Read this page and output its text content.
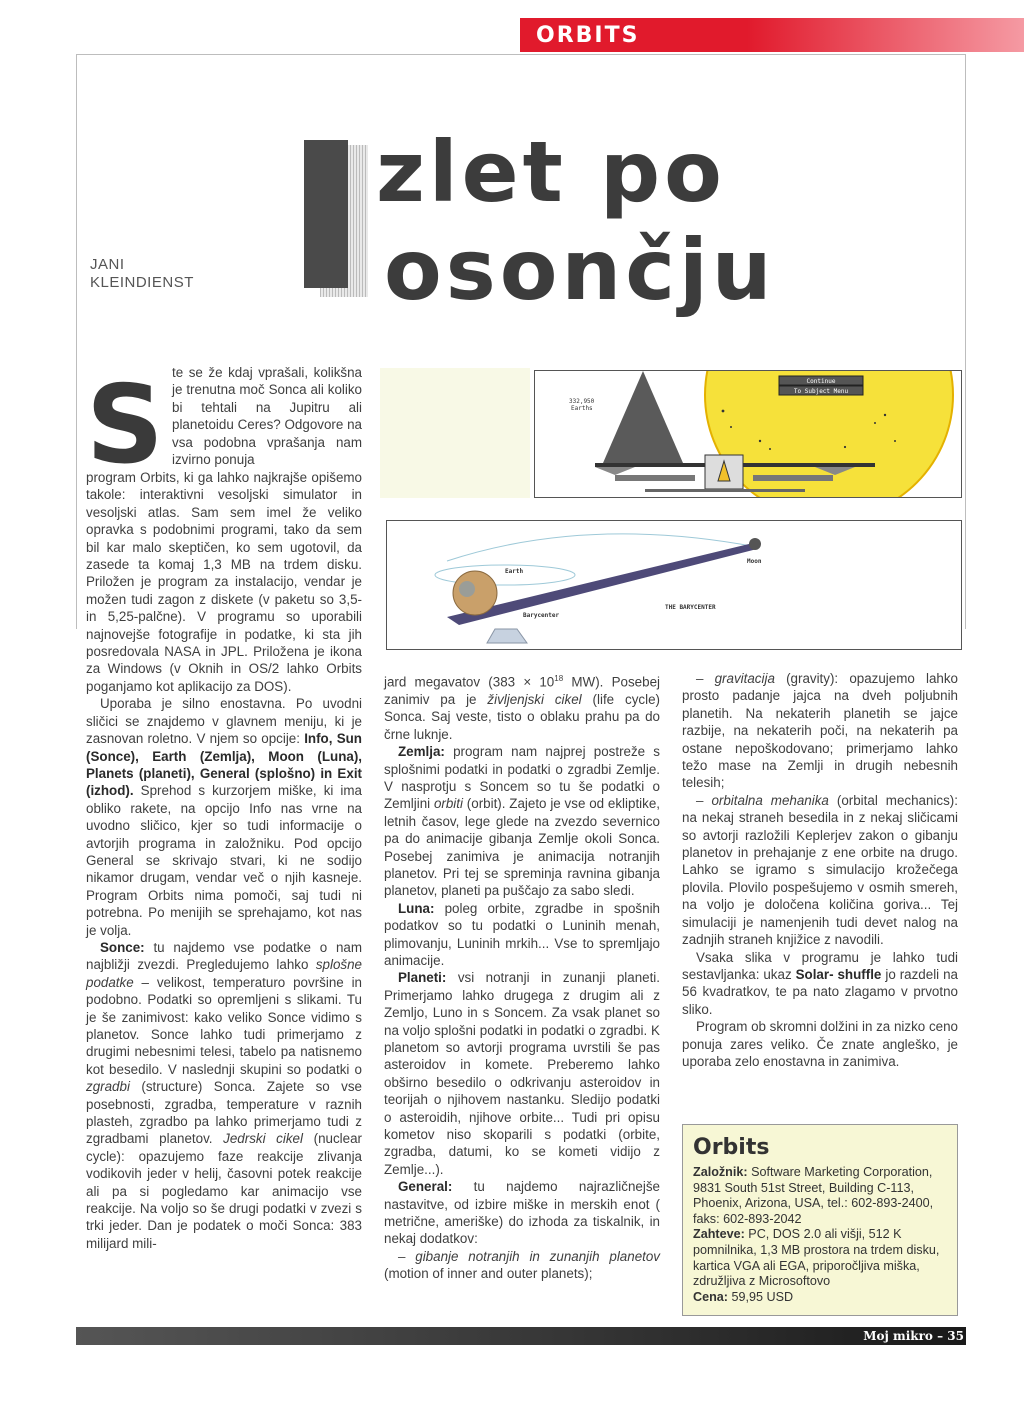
ORBITS
JANI
KLEINDIENST
zlet po
osončju
332,950
Earths
Continue
To Subject Menu
Earth
Moon
Barycenter
THE BARYCENTER
S te se že kdaj vprašali, kolikšna je trenutna moč Sonca ali koliko bi tehtali na Jupitru ali planetoidu Ceres? Odgovore na vsa podobna vprašanja nam izvirno ponuja

program Orbits, ki ga lahko najkrajše opišemo takole: interaktivni vesoljski simulator in vesoljski atlas. Sam sem imel že veliko opravka s podobnimi programi, tako da sem bil kar malo skeptičen, ko sem ugotovil, da zasede ta komaj 1,3 MB na trdem disku. Priložen je program za instalacijo, vendar je možen tudi zagon z diskete (v paketu so 3,5- in 5,25-palčne). V programu so uporabili najnovejše fotografije in podatke, ki sta jih posredovala NASA in JPL. Priložena je ikona za Windows (v Oknih in OS/2 lahko Orbits poganjamo kot aplikacijo za DOS).

Uporaba je silno enostavna. Po uvodni sličici se znajdemo v glavnem meniju, ki je zasnovan roletno. V njem so opcije: Info, Sun (Sonce), Earth (Zemlja), Moon (Luna), Planets (planeti), General (splošno) in Exit (izhod). Sprehod s kurzorjem miške, ki ima obliko rakete, na opcijo Info nas vrne na uvodno sličico, kjer so tudi informacije o avtorjih programa in založniku. Pod opcijo General se skrivajo stvari, ki ne sodijo nikamor drugam, vendar več o njih kasneje. Program Orbits nima pomoči, saj tudi ni potrebna. Po menijih se sprehajamo, kot nas je volja.

Sonce: tu najdemo vse podatke o nam najbližji zvezdi. Pregledujemo lahko splošne podatke – velikost, temperaturo površine in podobno. Podatki so opremljeni s slikami. Tu je še zanimivost: kako veliko Sonce vidimo s planetov. Sonce lahko tudi primerjamo z drugimi nebesnimi telesi, tabelo pa natisnemo kot besedilo. V naslednji skupini so podatki o zgradbi (structure) Sonca. Zajete so vse posebnosti, zgradba, temperature v raznih plasteh, zgradbo pa lahko primerjamo tudi z zgradbami planetov. Jedrski cikel (nuclear cycle): opazujemo faze reakcije zlivanja vodikovih jeder v helij, časovni potek reakcije ali pa si pogledamo kar animacijo vse reakcije. Na voljo so še drugi podatki v zvezi s trki jeder. Dan je podatek o moči Sonca: 383 milijard mili-

jard megavatov ($383 \times 10^{18}$ MW). Posebej zanimiv pa je življenjski cikel (life cycle) Sonca. Saj veste, tisto o oblaku prahu pa do črne luknje.

Zemlja: program nam najprej postreže s splošnimi podatki in podatki o zgradbi Zemlje. V nasprotju s Soncem so tu še podatki o Zemljini orbiti (orbit). Zajeto je vse od ekliptike, letnih časov, lege glede na zvezdo severnico pa do animacije gibanja Zemlje okoli Sonca. Posebej zanimiva je animacija notranjih planetov. Pri tej se spreminja ravnina gibanja planetov, planeti pa puščajo za sabo sledi.

Luna: poleg orbite, zgradbe in spošnih podatkov so tu podatki o Luninih menah, plimovanju, Luninih mrkih... Vse to spremljajo animacije.

Planeti: vsi notranji in zunanji planeti. Primerjamo lahko drugega z drugim ali z Zemljo, Luno in s Soncem. Za vsak planet so na voljo splošni podatki in podatki o zgradbi. K planetom so avtorji programa uvrstili še pas asteroidov in komete. Preberemo lahko obširno besedilo o odkrivanju asteroidov in teorijah o njihovem nastanku. Sledijo podatki o asteroidih, njihove orbite... Tudi pri opisu kometov niso skoparili s podatki (orbite, zgradba, datumi, ko se kometi vidijo z Zemlje...).

General: tu najdemo najrazličnejše nastavitve, od izbire miške in merskih enot ( metrične, ameriške) do izhoda za tiskalnik, in nekaj dodatkov:

– gibanje notranjih in zunanjih planetov (motion of inner and outer planets);

– gravitacija (gravity): opazujemo lahko prosto padanje jajca na dveh poljubnih planetih. Na nekaterih planetih se jajce razbije, na nekaterih poči, na nekaterih pa ostane nepoškodovano; primerjamo lahko težo mase na Zemlji in drugih nebesnih telesih;

– orbitalna mehanika (orbital mechanics): na nekaj straneh besedila in z nekaj sličicami so avtorji razložili Keplerjev zakon o gibanju planetov in prehajanje z ene orbite na drugo. Lahko se igramo s simulacijo krožečega plovila. Plovilo pospešujemo v osmih smereh, na voljo je določena količina goriva... Tej simulaciji je namenjenih tudi devet nalog na zadnjih straneh knjižice z navodili.

Vsaka slika v programu je lahko tudi sestavljanka: ukaz Solar- shuffle jo razdeli na 56 kvadratkov, te pa nato zlagamo v prvotno sliko.

Program ob skromni dolžini in za nizko ceno ponuja zares veliko. Če znate angleško, je uporaba zelo enostavna in zanimiva.

Orbits

Založnik: Software Marketing Corporation, 9831 South 51st Street, Building C-113, Phoenix, Arizona, USA, tel.: 602-893-2400, faks: 602-893-2042

Zahteve: PC, DOS 2.0 ali višji, 512 K pomnilnika, 1,3 MB prostora na trdem disku, kartica VGA ali EGA, priporočljiva miška, združljiva z Microsoftovo

Cena: 59,95 USD

Moj mikro – 35
